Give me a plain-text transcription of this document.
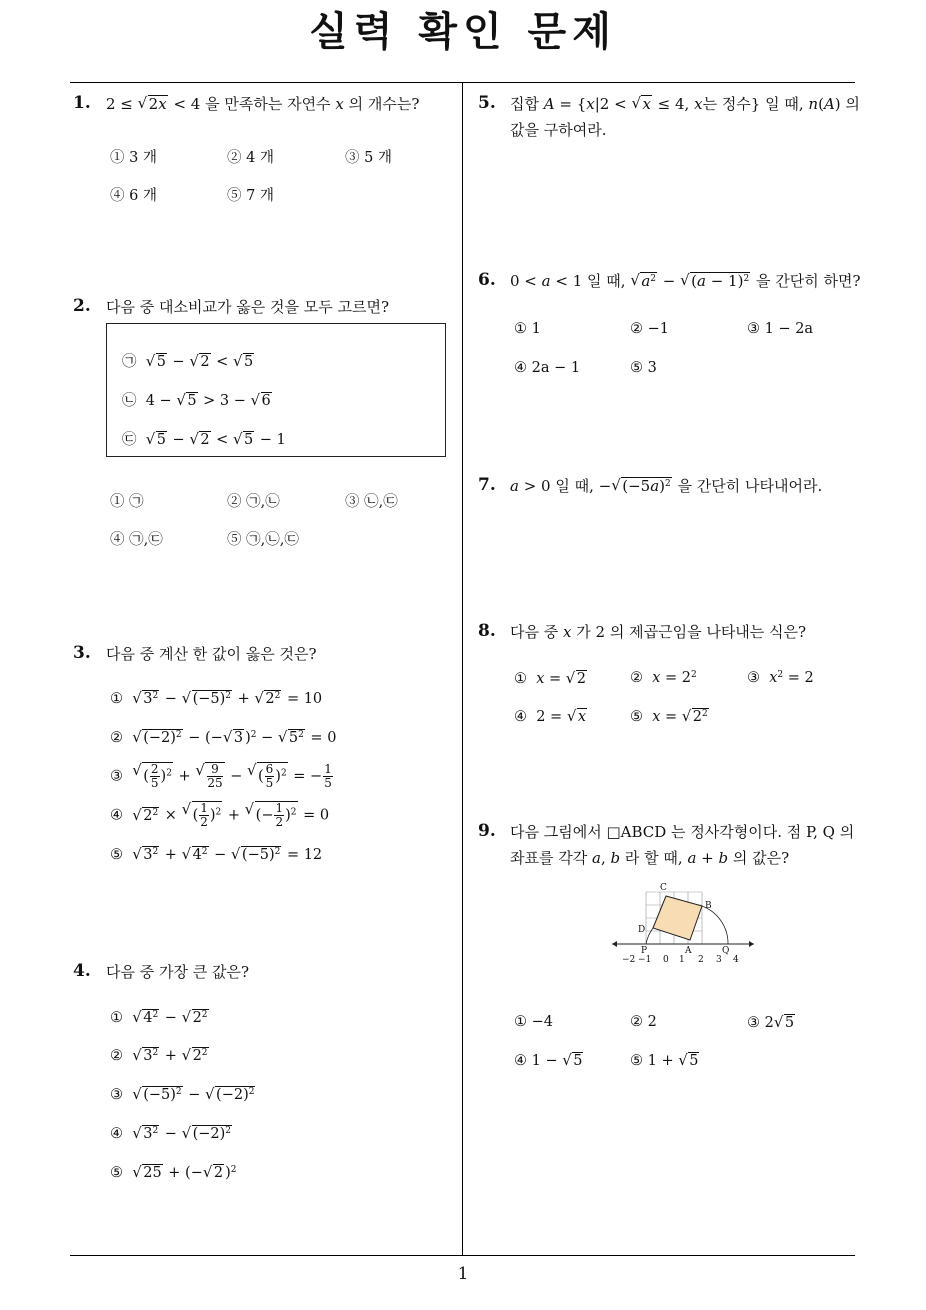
실력 확인 문제
1
1. 2 ≤ √ 2x < 4 을 만족하는 자연수 x 의 개수는?
① 3 개	② 4 개	③ 5 개
④ 6 개	⑤ 7 개
2. 다음 중 대소비교가 옳은 것을 모두 고르면?
㉠ √ 5 − √ 2 < √ 5
㉡  4 − √ 5 > 3 − √ 6
㉢ √ 5 − √ 2 < √ 5 − 1
① ㉠	② ㉠,㉡	③ ㉡,㉢
④ ㉠,㉢	⑤ ㉠,㉡,㉢
3. 다음 중 계산 한 값이 옳은 것은?
① √ $3^2$ − √ $(-5)^2$ + √ $2^2 = 10$
② √ $(-2)^2$ − (− √ 3 )$^2$ − √ $5^2 = 0$
③ √ ( $\frac{2}{5} )^2$ + √ $\frac{9}{25}$ − √ ( $\frac{6}{5} )^2$ = − $\frac{1}{5}$
④ √ $2^2$ × √ ( $\frac{1}{2} )^2$ + √ (− $\frac{1}{2} )^2 = 0$
⑤ √ $3^2$ + √ $4^2$ − √ $(-5)^2 = 12$
4. 다음 중 가장 큰 값은?
① √ $4^2$ − √ $2^2$
② √ $3^2$ + √ $2^2$
③ √ $(-5)^2$ − √ $(-2)^2$
④ √ $3^2$ − √ $(-2)^2$
⑤ √ 25 + (− √ 2 )$^2$
5. 집합 A = {x|2 < √ x ≤ 4, x는 정수} 일 때, n(A) 의
값을 구하여라.
6. 0 < a < 1 일 때, √ $a^2$ − √ $(a - 1)^2$ 을 간단히 하면?
① 1	② −1	③ 1 − 2a
④ 2a − 1	⑤ 3
7. a > 0 일 때, − √ $(-5a)^2$ 을 간단히 나타내어라.
8. 다음 중 x 가 2 의 제곱근임을 나타내는 식은?
① x = √ 2	② $x = 2^2$	③ $x^2 = 2$
④  2 = √ x	⑤ x = √ $2^2$
9. 다음 그림에서 □ABCD 는 정사각형이다. 점 P, Q 의
좌표를 각각 a, b 라 할 때, a + b 의 값은?
C
B
D
P	A	Q
−2 −1 0 1 2 3 4
① −4	② 2	③ 2 √ 5
④ 1 − √ 5	⑤ 1 + √ 5
